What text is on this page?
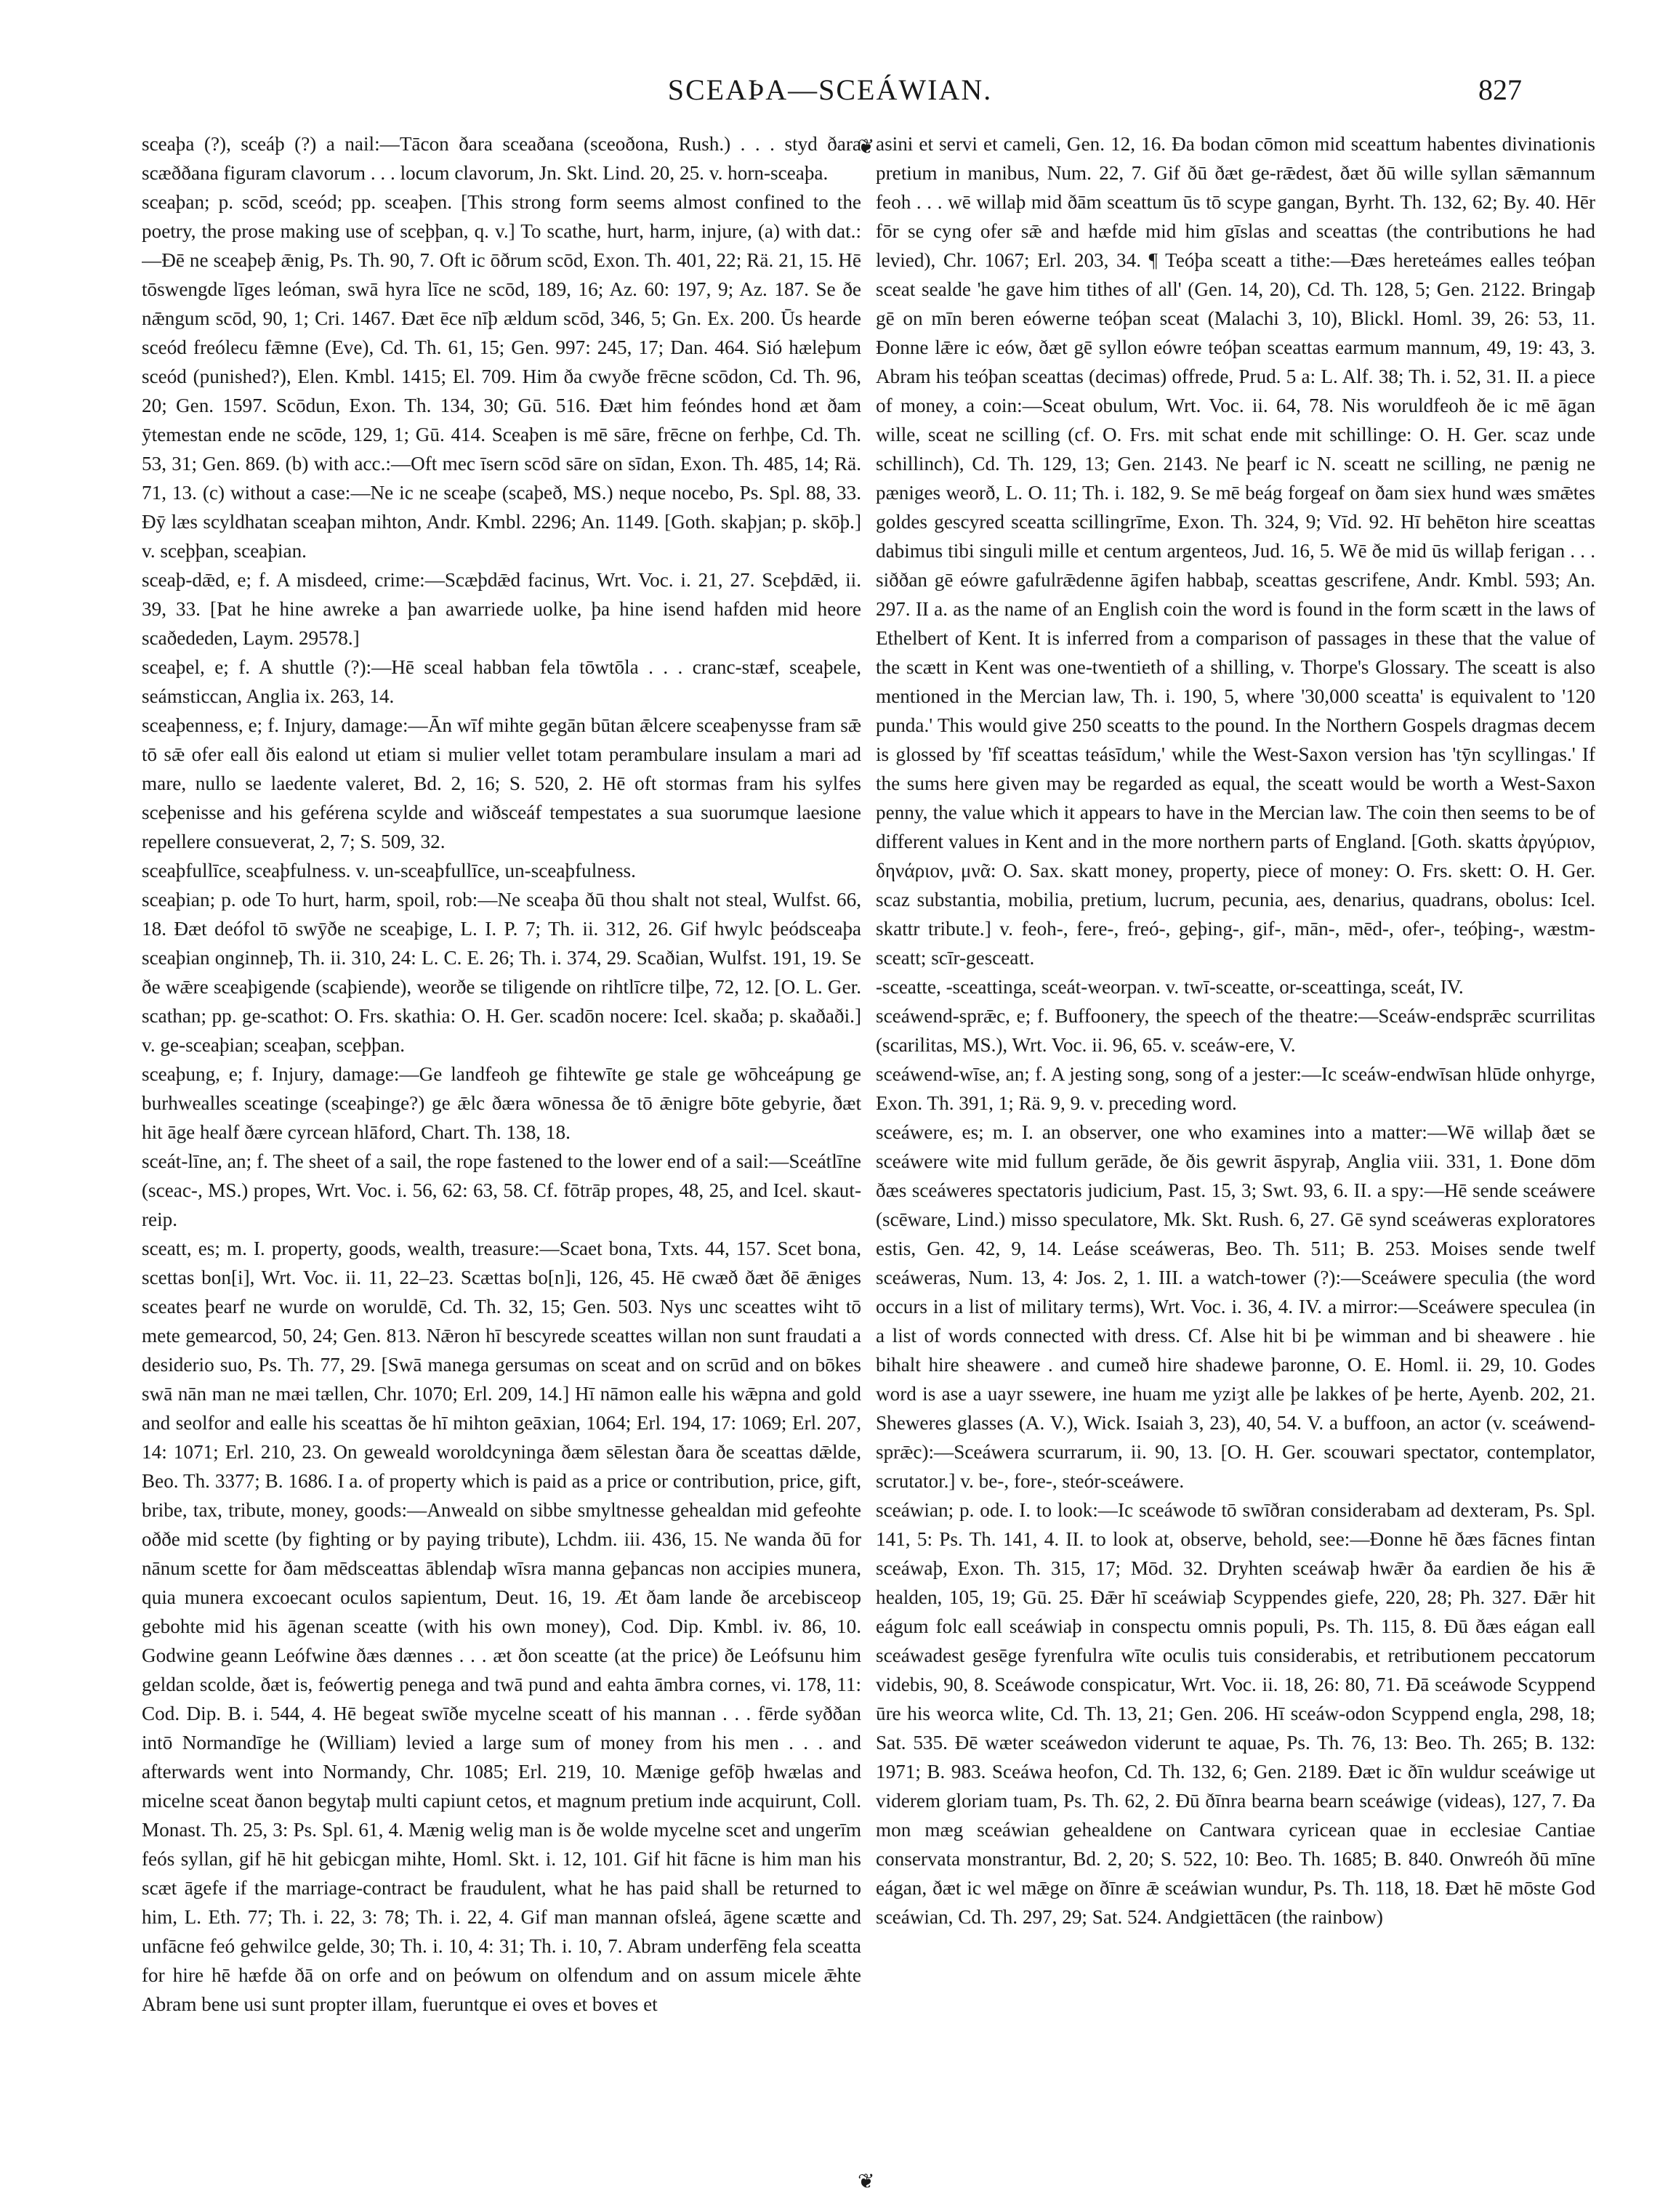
SCEAÞA—SCEÁWIAN.	827
❦

sceaþa (?), sceáþ (?) a nail:—Tācon ðara sceaðana (sceoðona, Rush.) . . . styd ðara scæððana figuram clavorum . . . locum clavorum, Jn. Skt. Lind. 20, 25. v. horn-sceaþa.

sceaþan; p. scōd, sceód; pp. sceaþen. [This strong form seems almost confined to the poetry, the prose making use of sceþþan, q. v.] To scathe, hurt, harm, injure, (a) with dat.:—Ðē ne sceaþeþ ǣnig, Ps. Th. 90, 7. Oft ic ōðrum scōd, Exon. Th. 401, 22; Rä. 21, 15. Hē tōswengde līges leóman, swā hyra līce ne scōd, 189, 16; Az. 60: 197, 9; Az. 187. Se ðe nǣngum scōd, 90, 1; Cri. 1467. Ðæt ēce nīþ ældum scōd, 346, 5; Gn. Ex. 200. Ūs hearde sceód freólecu fǣmne (Eve), Cd. Th. 61, 15; Gen. 997: 245, 17; Dan. 464. Sió hæleþum sceód (punished?), Elen. Kmbl. 1415; El. 709. Him ða cwyðe frēcne scōdon, Cd. Th. 96, 20; Gen. 1597. Scōdun, Exon. Th. 134, 30; Gū. 516. Ðæt him feóndes hond æt ðam ȳtemestan ende ne scōde, 129, 1; Gū. 414. Sceaþen is mē sāre, frēcne on ferhþe, Cd. Th. 53, 31; Gen. 869. (b) with acc.:—Oft mec īsern scōd sāre on sīdan, Exon. Th. 485, 14; Rä. 71, 13. (c) without a case:—Ne ic ne sceaþe (scaþeð, MS.) neque nocebo, Ps. Spl. 88, 33. Ðȳ læs scyldhatan sceaþan mihton, Andr. Kmbl. 2296; An. 1149. [Goth. skaþjan; p. skōþ.] v. sceþþan, sceaþian.

sceaþ-dǣd, e; f. A misdeed, crime:—Scæþdǣd facinus, Wrt. Voc. i. 21, 27. Sceþdǣd, ii. 39, 33. [Þat he hine awreke a þan awarriede uolke, þa hine isend hafden mid heore scaðededen, Laym. 29578.]

sceaþel, e; f. A shuttle (?):—Hē sceal habban fela tōwtōla . . . cranc-stæf, sceaþele, seámsticcan, Anglia ix. 263, 14.

sceaþenness, e; f. Injury, damage:—Ān wīf mihte gegān būtan ǣlcere sceaþenysse fram sǣ tō sǣ ofer eall ðis ealond ut etiam si mulier vellet totam perambulare insulam a mari ad mare, nullo se laedente valeret, Bd. 2, 16; S. 520, 2. Hē oft stormas fram his sylfes sceþenisse and his geférena scylde and wiðsceáf tempestates a sua suorumque laesione repellere consueverat, 2, 7; S. 509, 32.

sceaþfullīce, sceaþfulness. v. un-sceaþfullīce, un-sceaþfulness.

sceaþian; p. ode To hurt, harm, spoil, rob:—Ne sceaþa ðū thou shalt not steal, Wulfst. 66, 18. Ðæt deófol tō swȳðe ne sceaþige, L. I. P. 7; Th. ii. 312, 26. Gif hwylc þeódsceaþa sceaþian onginneþ, Th. ii. 310, 24: L. C. E. 26; Th. i. 374, 29. Scaðian, Wulfst. 191, 19. Se ðe wǣre sceaþigende (scaþiende), weorðe se tiligende on rihtlīcre tilþe, 72, 12. [O. L. Ger. scathan; pp. ge-scathot: O. Frs. skathia: O. H. Ger. scadōn nocere: Icel. skaða; p. skaðaði.] v. ge-sceaþian; sceaþan, sceþþan.

sceaþung, e; f. Injury, damage:—Ge landfeoh ge fihtewīte ge stale ge wōhceápung ge burhwealles sceatinge (sceaþinge?) ge ǣlc ðæra wōnessa ðe tō ǣnigre bōte gebyrie, ðæt hit āge healf ðære cyrcean hlāford, Chart. Th. 138, 18.

sceát-līne, an; f. The sheet of a sail, the rope fastened to the lower end of a sail:—Sceátlīne (sceac-, MS.) propes, Wrt. Voc. i. 56, 62: 63, 58. Cf. fōtrāp propes, 48, 25, and Icel. skaut-reip.

sceatt, es; m. I. property, goods, wealth, treasure:—Scaet bona, Txts. 44, 157. Scet bona, scettas bon[i], Wrt. Voc. ii. 11, 22–23. Scættas bo[n]i, 126, 45. Hē cwæð ðæt ðē ǣniges sceates þearf ne wurde on woruldē, Cd. Th. 32, 15; Gen. 503. Nys unc sceattes wiht tō mete gemearcod, 50, 24; Gen. 813. Nǣron hī bescyrede sceattes willan non sunt fraudati a desiderio suo, Ps. Th. 77, 29. [Swā manega gersumas on sceat and on scrūd and on bōkes swā nān man ne mæi tællen, Chr. 1070; Erl. 209, 14.] Hī nāmon ealle his wǣpna and gold and seolfor and ealle his sceattas ðe hī mihton geāxian, 1064; Erl. 194, 17: 1069; Erl. 207, 14: 1071; Erl. 210, 23. On geweald woroldcyninga ðæm sēlestan ðara ðe sceattas dǣlde, Beo. Th. 3377; B. 1686. I a. of property which is paid as a price or contribution, price, gift, bribe, tax, tribute, money, goods:—Anweald on sibbe smyltnesse gehealdan mid gefeohte oððe mid scette (by fighting or by paying tribute), Lchdm. iii. 436, 15. Ne wanda ðū for nānum scette for ðam mēdsceattas āblendaþ wīsra manna geþancas non accipies munera, quia munera excoecant oculos sapientum, Deut. 16, 19. Æt ðam lande ðe arcebisceop gebohte mid his āgenan sceatte (with his own money), Cod. Dip. Kmbl. iv. 86, 10. Godwine geann Leófwine ðæs dænnes . . . æt ðon sceatte (at the price) ðe Leófsunu him geldan scolde, ðæt is, feówertig penega and twā pund and eahta āmbra cornes, vi. 178, 11: Cod. Dip. B. i. 544, 4. Hē begeat swīðe mycelne sceatt of his mannan . . . fērde syððan intō Normandīge he (William) levied a large sum of money from his men . . . and afterwards went into Normandy, Chr. 1085; Erl. 219, 10. Mænige gefōþ hwælas and micelne sceat ðanon begytaþ multi capiunt cetos, et magnum pretium inde acquirunt, Coll. Monast. Th. 25, 3: Ps. Spl. 61, 4. Mænig welig man is ðe wolde mycelne scet and ungerīm feós syllan, gif hē hit gebicgan mihte, Homl. Skt. i. 12, 101. Gif hit fācne is him man his scæt āgefe if the marriage-contract be fraudulent, what he has paid shall be returned to him, L. Eth. 77; Th. i. 22, 3: 78; Th. i. 22, 4. Gif man mannan ofsleá, āgene scætte and unfācne feó gehwilce gelde, 30; Th. i. 10, 4: 31; Th. i. 10, 7. Abram underfēng fela sceatta for hire hē hæfde ðā on orfe and on þeówum on olfendum and on assum micele ǣhte Abram bene usi sunt propter illam, fueruntque ei oves et boves et

asini et servi et cameli, Gen. 12, 16. Ða bodan cōmon mid sceattum habentes divinationis pretium in manibus, Num. 22, 7. Gif ðū ðæt ge-rǣdest, ðæt ðū wille syllan sǣmannum feoh . . . wē willaþ mid ðām sceattum ūs tō scype gangan, Byrht. Th. 132, 62; By. 40. Hēr fōr se cyng ofer sǣ and hæfde mid him gīslas and sceattas (the contributions he had levied), Chr. 1067; Erl. 203, 34. ¶ Teóþa sceatt a tithe:—Ðæs hereteámes ealles teóþan sceat sealde 'he gave him tithes of all' (Gen. 14, 20), Cd. Th. 128, 5; Gen. 2122. Bringaþ gē on mīn beren eówerne teóþan sceat (Malachi 3, 10), Blickl. Homl. 39, 26: 53, 11. Ðonne lǣre ic eów, ðæt gē syllon eówre teóþan sceattas earmum mannum, 49, 19: 43, 3. Abram his teóþan sceattas (decimas) offrede, Prud. 5 a: L. Alf. 38; Th. i. 52, 31. II. a piece of money, a coin:—Sceat obulum, Wrt. Voc. ii. 64, 78. Nis woruldfeoh ðe ic mē āgan wille, sceat ne scilling (cf. O. Frs. mit schat ende mit schillinge: O. H. Ger. scaz unde schillinch), Cd. Th. 129, 13; Gen. 2143. Ne þearf ic N. sceatt ne scilling, ne pænig ne pæniges weorð, L. O. 11; Th. i. 182, 9. Se mē beág forgeaf on ðam siex hund wæs smǣtes goldes gescyred sceatta scillingrīme, Exon. Th. 324, 9; Vīd. 92. Hī behēton hire sceattas dabimus tibi singuli mille et centum argenteos, Jud. 16, 5. Wē ðe mid ūs willaþ ferigan . . . siððan gē eówre gafulrǣdenne āgifen habbaþ, sceattas gescrifene, Andr. Kmbl. 593; An. 297. II a. as the name of an English coin the word is found in the form scætt in the laws of Ethelbert of Kent. It is inferred from a comparison of passages in these that the value of the scætt in Kent was one-twentieth of a shilling, v. Thorpe's Glossary. The sceatt is also mentioned in the Mercian law, Th. i. 190, 5, where '30,000 sceatta' is equivalent to '120 punda.' This would give 250 sceatts to the pound. In the Northern Gospels dragmas decem is glossed by 'fīf sceattas teásīdum,' while the West-Saxon version has 'tȳn scyllingas.' If the sums here given may be regarded as equal, the sceatt would be worth a West-Saxon penny, the value which it appears to have in the Mercian law. The coin then seems to be of different values in Kent and in the more northern parts of England. [Goth. skatts ἀργύριον, δηνάριον, μνᾶ: O. Sax. skatt money, property, piece of money: O. Frs. skett: O. H. Ger. scaz substantia, mobilia, pretium, lucrum, pecunia, aes, denarius, quadrans, obolus: Icel. skattr tribute.] v. feoh-, fere-, freó-, geþing-, gif-, mān-, mēd-, ofer-, teóþing-, wæstm-sceatt; scīr-gesceatt.

-sceatte, -sceattinga, sceát-weorpan. v. twī-sceatte, or-sceattinga, sceát, IV.

sceáwend-sprǣc, e; f. Buffoonery, the speech of the theatre:—Sceáw-endsprǣc scurrilitas (scarilitas, MS.), Wrt. Voc. ii. 96, 65. v. sceáw-ere, V.

sceáwend-wīse, an; f. A jesting song, song of a jester:—Ic sceáw-endwīsan hlūde onhyrge, Exon. Th. 391, 1; Rä. 9, 9. v. preceding word.

sceáwere, es; m. I. an observer, one who examines into a matter:—Wē willaþ ðæt se sceáwere wite mid fullum gerāde, ðe ðis gewrit āspyraþ, Anglia viii. 331, 1. Ðone dōm ðæs sceáweres spectatoris judicium, Past. 15, 3; Swt. 93, 6. II. a spy:—Hē sende sceáwere (scēware, Lind.) misso speculatore, Mk. Skt. Rush. 6, 27. Gē synd sceáweras exploratores estis, Gen. 42, 9, 14. Leáse sceáweras, Beo. Th. 511; B. 253. Moises sende twelf sceáweras, Num. 13, 4: Jos. 2, 1. III. a watch-tower (?):—Sceáwere speculia (the word occurs in a list of military terms), Wrt. Voc. i. 36, 4. IV. a mirror:—Sceáwere speculea (in a list of words connected with dress. Cf. Alse hit bi þe wimman and bi sheawere . hie bihalt hire sheawere . and cumeð hire shadewe þaronne, O. E. Homl. ii. 29, 10. Godes word is ase a uayr ssewere, ine huam me yziȝt alle þe lakkes of þe herte, Ayenb. 202, 21. Sheweres glasses (A. V.), Wick. Isaiah 3, 23), 40, 54. V. a buffoon, an actor (v. sceáwend-sprǣc):—Sceáwera scurrarum, ii. 90, 13. [O. H. Ger. scouwari spectator, contemplator, scrutator.] v. be-, fore-, steór-sceáwere.

sceáwian; p. ode. I. to look:—Ic sceáwode tō swīðran considerabam ad dexteram, Ps. Spl. 141, 5: Ps. Th. 141, 4. II. to look at, observe, behold, see:—Ðonne hē ðæs fācnes fintan sceáwaþ, Exon. Th. 315, 17; Mōd. 32. Dryhten sceáwaþ hwǣr ða eardien ðe his ǣ healden, 105, 19; Gū. 25. Ðǣr hī sceáwiaþ Scyppendes giefe, 220, 28; Ph. 327. Ðǣr hit eágum folc eall sceáwiaþ in conspectu omnis populi, Ps. Th. 115, 8. Ðū ðæs eágan eall sceáwadest gesēge fyrenfulra wīte oculis tuis considerabis, et retributionem peccatorum videbis, 90, 8. Sceáwode conspicatur, Wrt. Voc. ii. 18, 26: 80, 71. Ðā sceáwode Scyppend ūre his weorca wlite, Cd. Th. 13, 21; Gen. 206. Hī sceáw-odon Scyppend engla, 298, 18; Sat. 535. Ðē wæter sceáwedon viderunt te aquae, Ps. Th. 76, 13: Beo. Th. 265; B. 132: 1971; B. 983. Sceáwa heofon, Cd. Th. 132, 6; Gen. 2189. Ðæt ic ðīn wuldur sceáwige ut viderem gloriam tuam, Ps. Th. 62, 2. Ðū ðīnra bearna bearn sceáwige (videas), 127, 7. Ða mon mæg sceáwian gehealdene on Cantwara cyricean quae in ecclesiae Cantiae conservata monstrantur, Bd. 2, 20; S. 522, 10: Beo. Th. 1685; B. 840. Onwreóh ðū mīne eágan, ðæt ic wel mǣge on ðīnre ǣ sceáwian wundur, Ps. Th. 118, 18. Ðæt hē mōste God sceáwian, Cd. Th. 297, 29; Sat. 524. Andgiettācen (the rainbow)

❦
